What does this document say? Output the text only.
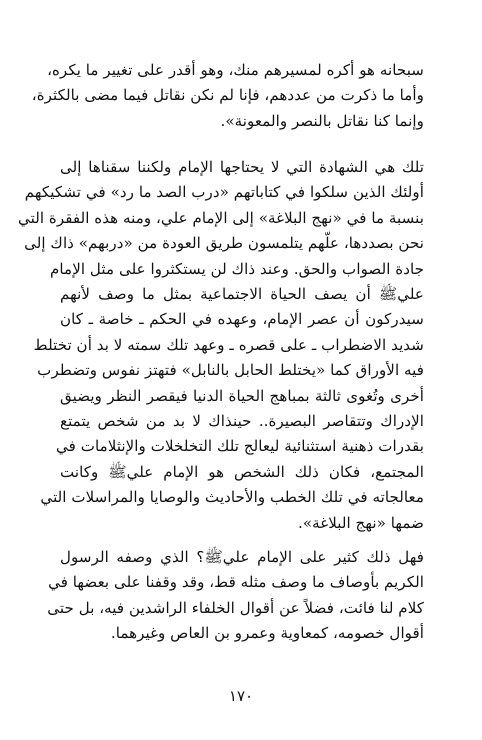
سبحانه هو أكره لمسيرهم منك، وهو أقدر على تغيير ما يكره،
وأما ما ذكرت من عددهم، فإنا لم نكن نقاتل فيما مضى بالكثرة،
وإنما كنا نقاتل بالنصر والمعونة».

تلك هي الشهادة التي لا يحتاجها الإمام ولكننا سقناها إلى
أولئك الذين سلكوا في كتاباتهم «درب الصد ما رد» في تشكيكهم
بنسبة ما في «نهج البلاغة» إلى الإمام علي، ومنه هذه الفقرة التي
نحن بصددها، علّهم يتلمسون طريق العودة من «دربهم» ذاك إلى
جادة الصواب والحق. وعند ذاك لن يستكثروا على مثل الإمام
عليﷺ أن يصف الحياة الاجتماعية بمثل ما وصف لأنهم
سيدركون أن عصر الإمام، وعهده في الحكم ـ خاصة ـ كان
شديد الاضطراب ـ على قصره ـ وعهد تلك سمته لا بد أن تختلط
فيه الأوراق كما «يختلط الحابل بالنابل» فتهتز نفوس وتضطرب
أخرى وتُغوى ثالثة بمباهج الحياة الدنيا فيقصر النظر ويضيق
الإدراك وتتقاصر البصيرة.. حينذاك لا بد من شخص يتمتع
بقدرات ذهنية استثنائية ليعالج تلك التخلخلات والإنثلامات في
المجتمع، فكان ذلك الشخص هو الإمام عليﷺ وكانت
معالجاته في تلك الخطب والأحاديث والوصايا والمراسلات التي
ضمها «نهج البلاغة».

فهل ذلك كثير على الإمام عليﷺ؟ الذي وصفه الرسول
الكريم بأوصاف ما وصف مثله قط، وقد وقفنا على بعضها في
كلام لنا فائت، فضلاً عن أقوال الخلفاء الراشدين فيه، بل حتى
أقوال خصومه، كمعاوية وعمرو بن العاص وغيرهما.

١٧٠
